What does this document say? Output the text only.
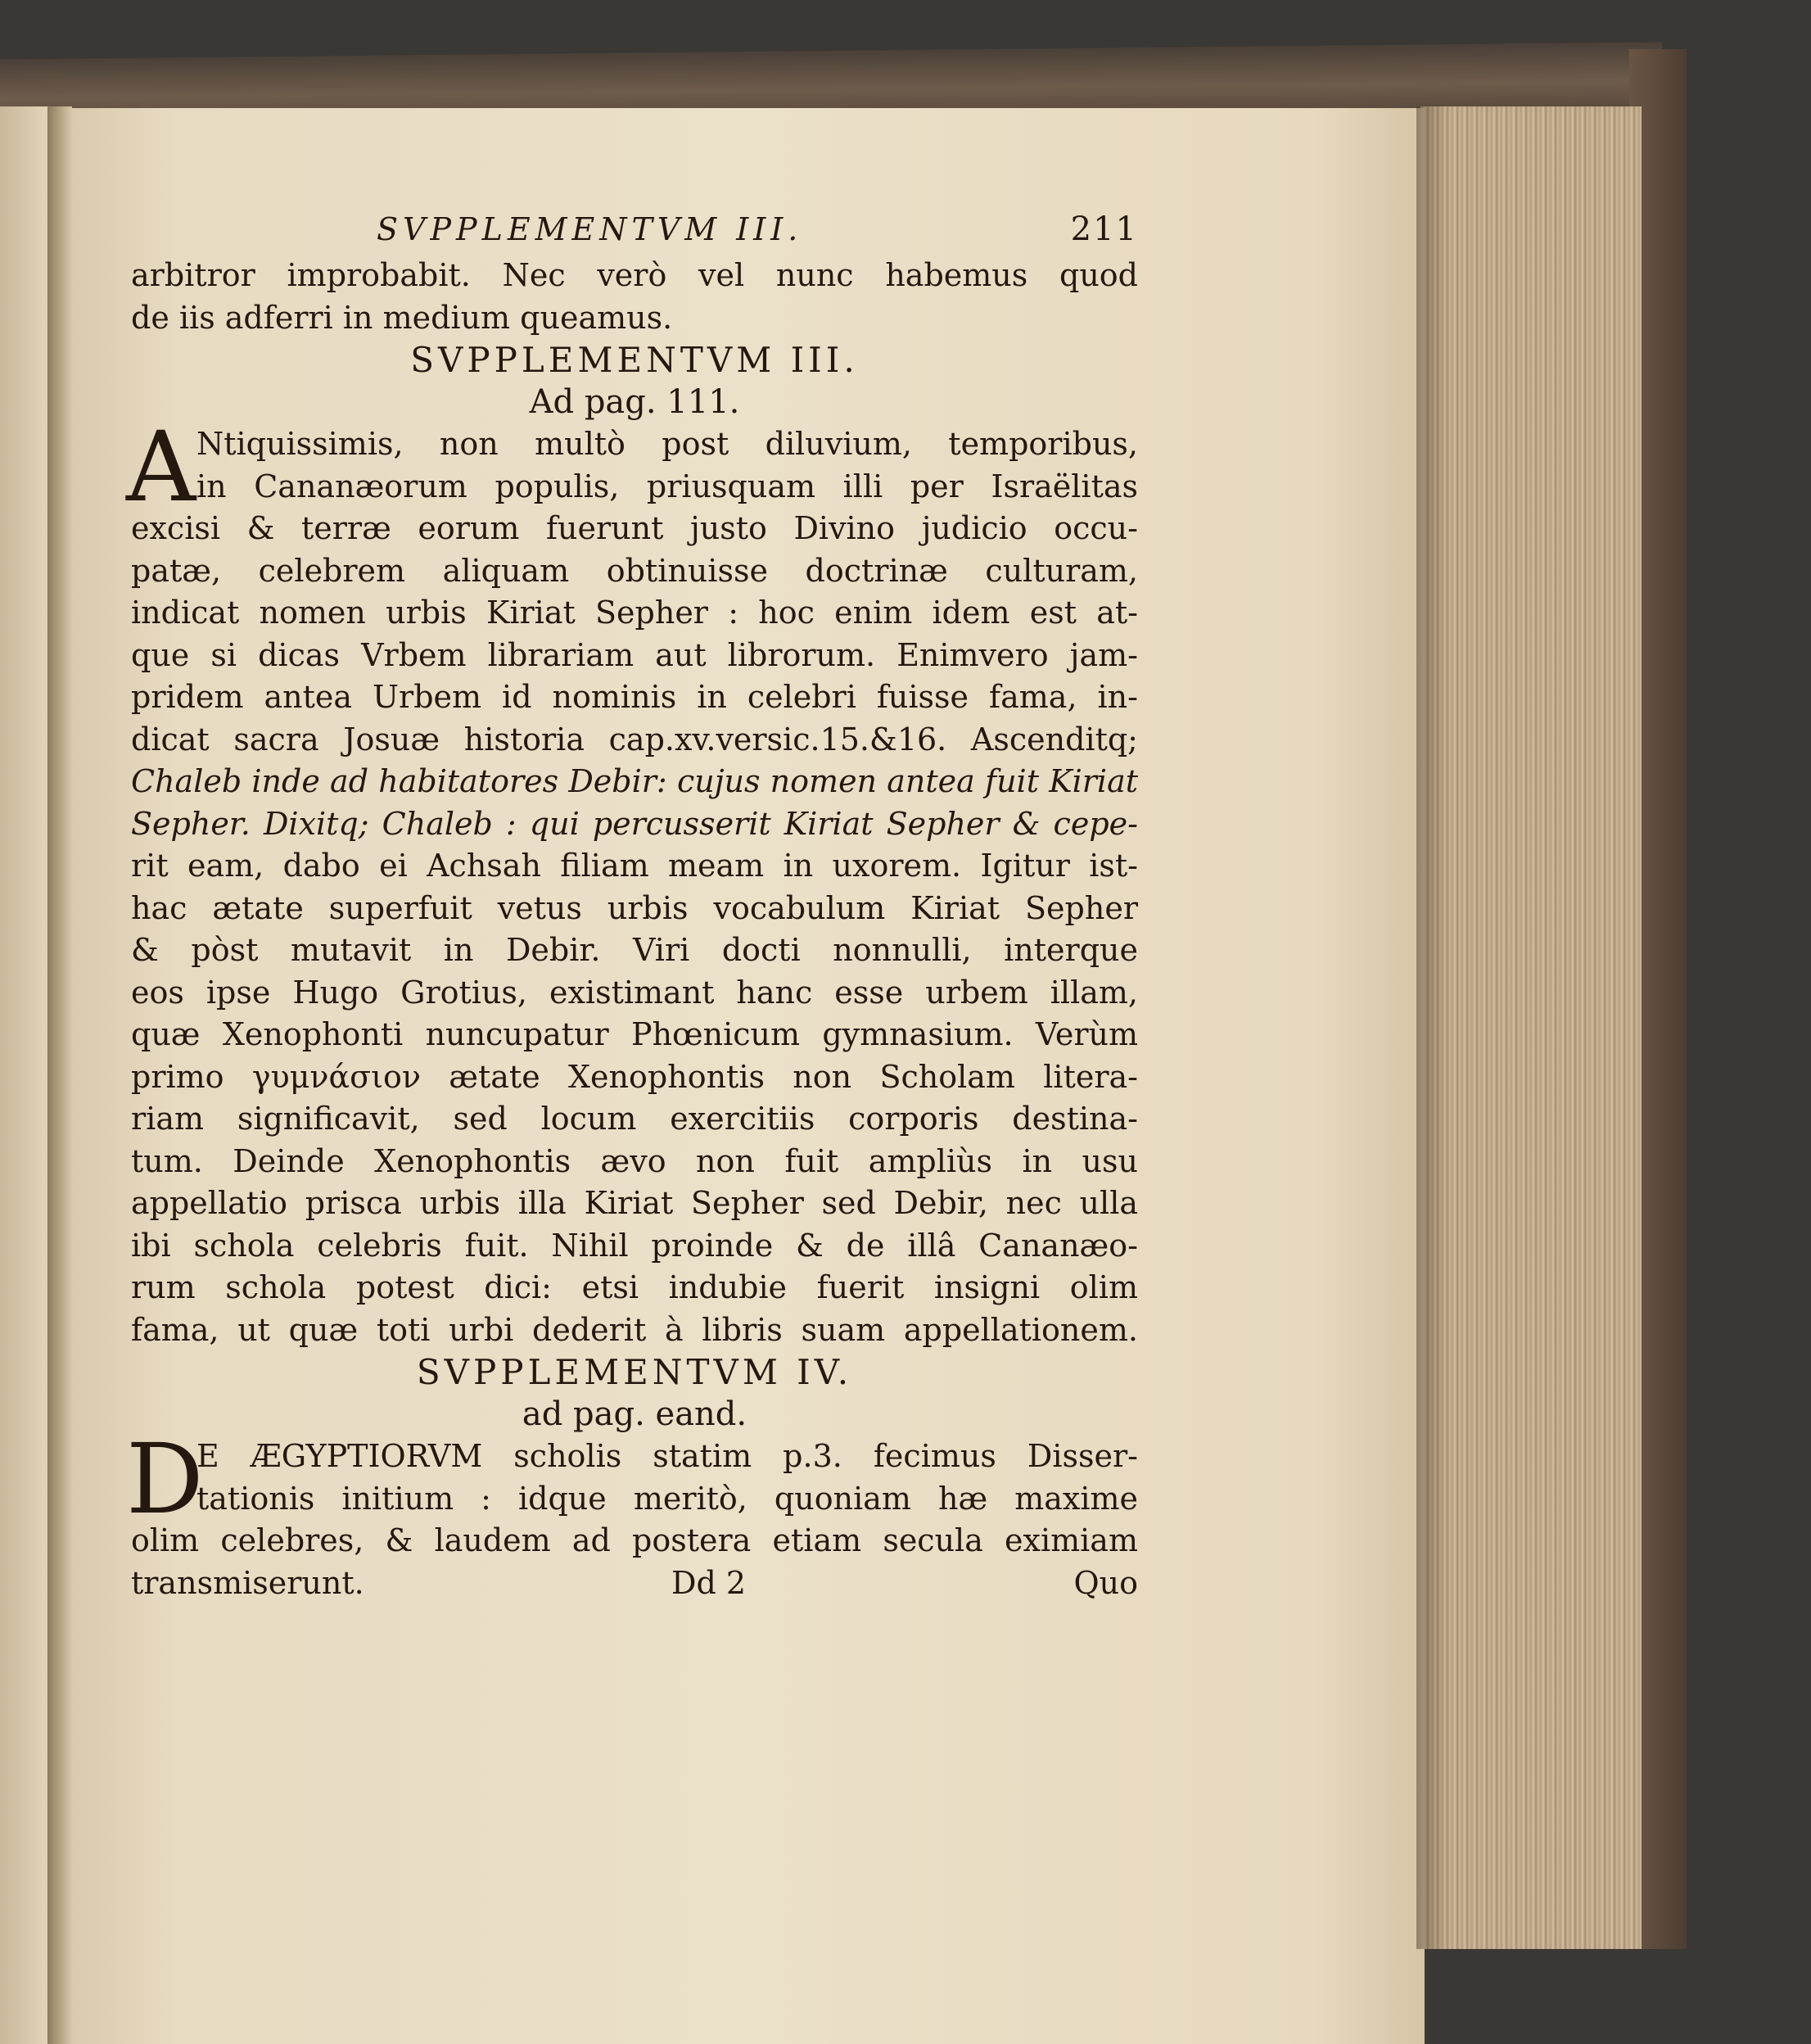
SVPPLEMENTVM III.	211
arbitror improbabit. Nec verò vel nunc habemus quod
de iis adferri in medium queamus.
SVPPLEMENTVM III.
Ad pag. 111.
A Ntiquissimis, non multò post diluvium, temporibus,
in Cananæorum populis, priusquam illi per Israëlitas
excisi & terræ eorum fuerunt justo Divino judicio occu-
patæ, celebrem aliquam obtinuisse doctrinæ culturam,
indicat nomen urbis Kiriat Sepher : hoc enim idem est at-
que si dicas Vrbem librariam aut librorum. Enimvero jam-
pridem antea Urbem id nominis in celebri fuisse fama, in-
dicat sacra Josuæ historia cap.xv.versic.15.&16. Ascenditq;
Chaleb inde ad habitatores Debir: cujus nomen antea fuit Kiriat
Sepher. Dixitq; Chaleb : qui percusserit Kiriat Sepher & cepe-
rit eam, dabo ei Achsah filiam meam in uxorem. Igitur ist-
hac ætate superfuit vetus urbis vocabulum Kiriat Sepher
& pòst mutavit in Debir. Viri docti nonnulli, interque
eos ipse Hugo Grotius, existimant hanc esse urbem illam,
quæ Xenophonti nuncupatur Phœnicum gymnasium. Verùm
primo γυμνάσιον ætate Xenophontis non Scholam litera-
riam significavit, sed locum exercitiis corporis destina-
tum. Deinde Xenophontis ævo non fuit ampliùs in usu
appellatio prisca urbis illa Kiriat Sepher sed Debir, nec ulla
ibi schola celebris fuit. Nihil proinde & de illâ Cananæo-
rum schola potest dici: etsi indubie fuerit insigni olim
fama, ut quæ toti urbi dederit à libris suam appellationem.
SVPPLEMENTVM IV.
ad pag. eand.
D
E ÆGYPTIORVM scholis statim p.3. fecimus Disser-
tationis initium : idque meritò, quoniam hæ maxime
olim celebres, & laudem ad postera etiam secula eximiam
transmiserunt.	Dd 2	Quo
